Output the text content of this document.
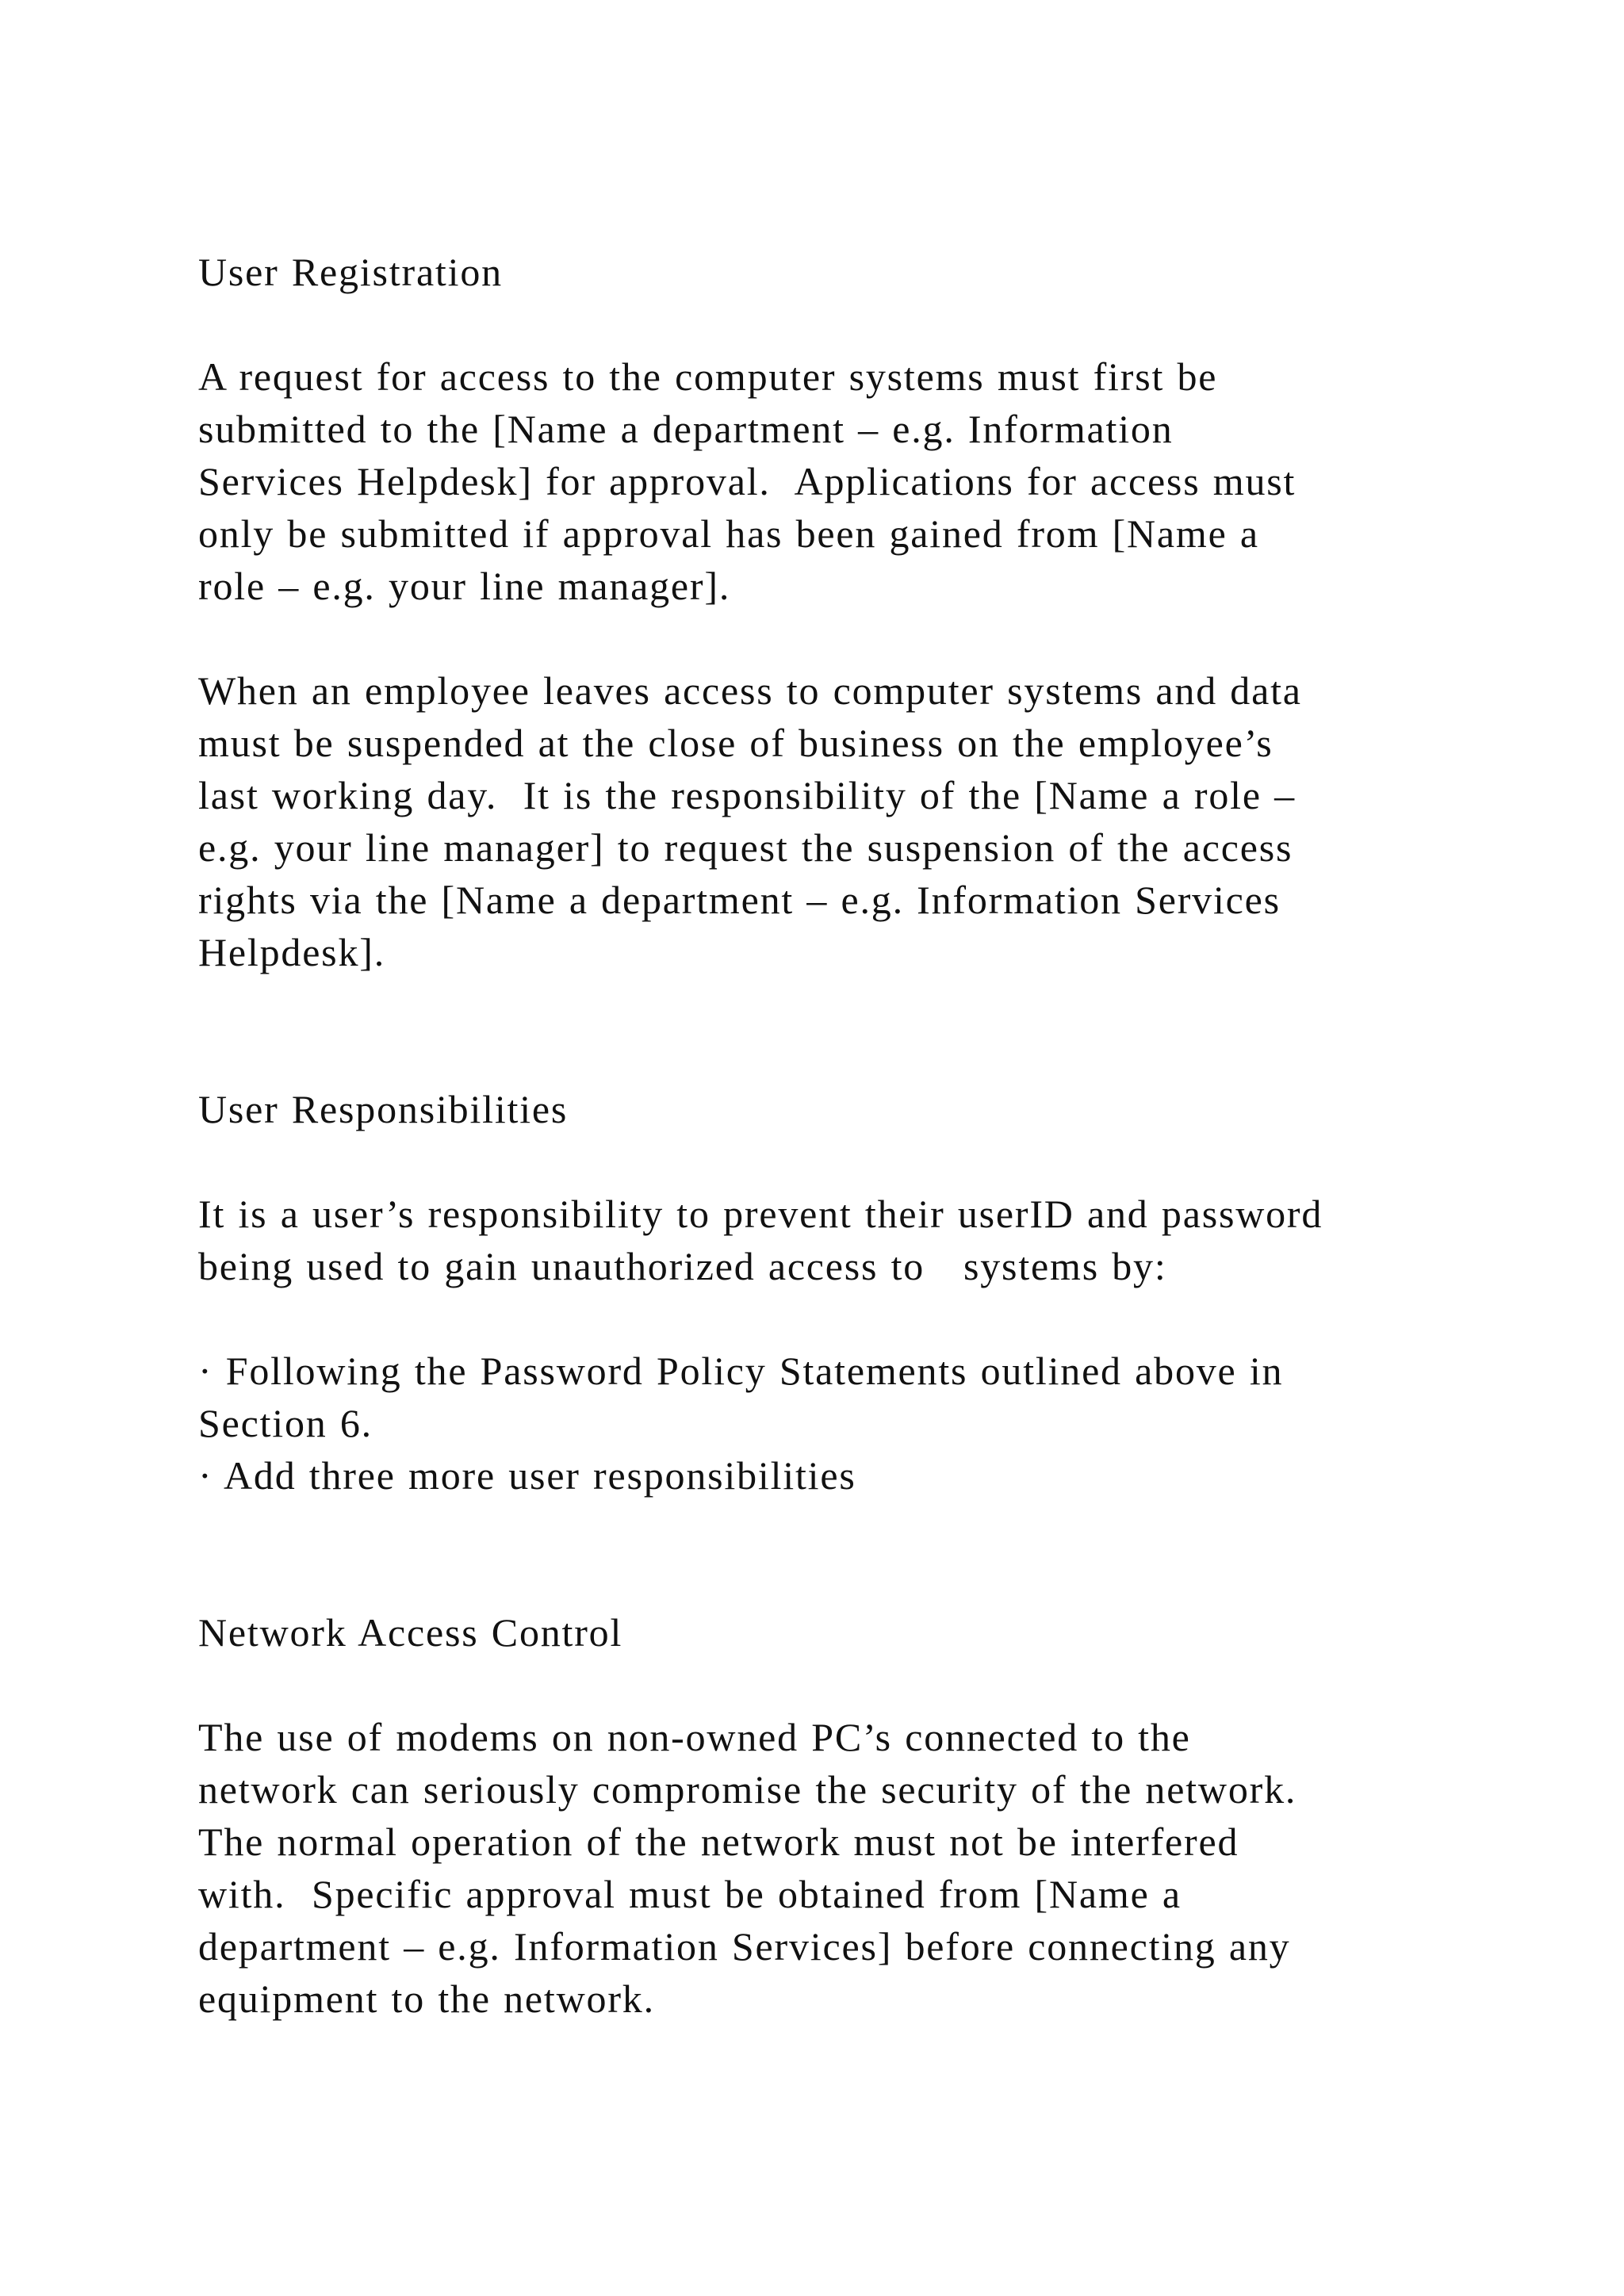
User Registration
A request for access to the computer systems must first be
submitted to the [Name a department – e.g. Information
Services Helpdesk] for approval.  Applications for access must
only be submitted if approval has been gained from [Name a
role – e.g. your line manager].
When an employee leaves access to computer systems and data
must be suspended at the close of business on the employee’s
last working day.  It is the responsibility of the [Name a role –
e.g. your line manager] to request the suspension of the access
rights via the [Name a department – e.g. Information Services
Helpdesk].
User Responsibilities
It is a user’s responsibility to prevent their userID and password
being used to gain unauthorized access to   systems by:
· Following the Password Policy Statements outlined above in
Section 6.
· Add three more user responsibilities
Network Access Control
The use of modems on non-owned PC’s connected to the
network can seriously compromise the security of the network.
The normal operation of the network must not be interfered
with.  Specific approval must be obtained from [Name a
department – e.g. Information Services] before connecting any
equipment to the network.
